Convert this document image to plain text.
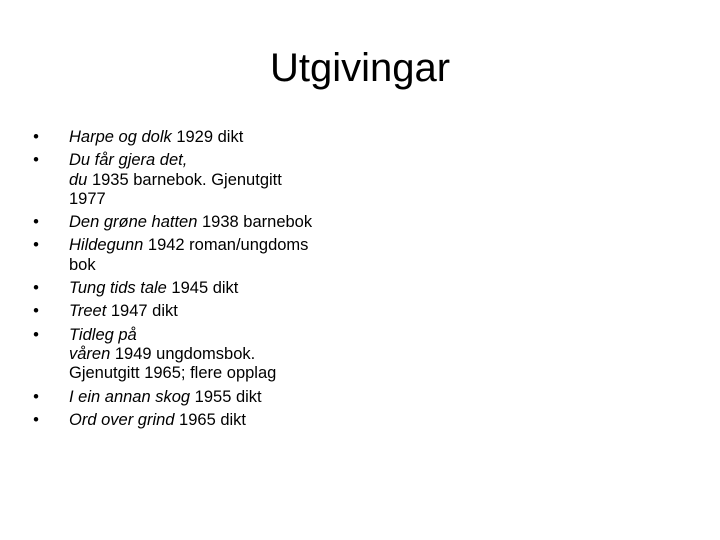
Utgivingar
• Harpe og dolk 1929 dikt
• Du får gjera det,
du 1935 barnebok. Gjenutgitt
1977
• Den grøne hatten 1938 barnebok
• Hildegunn 1942 roman/ungdoms
bok
• Tung tids tale 1945 dikt
• Treet 1947 dikt
• Tidleg på
våren 1949 ungdomsbok.
Gjenutgitt 1965; flere opplag
• I ein annan skog 1955 dikt
• Ord over grind 1965 dikt
